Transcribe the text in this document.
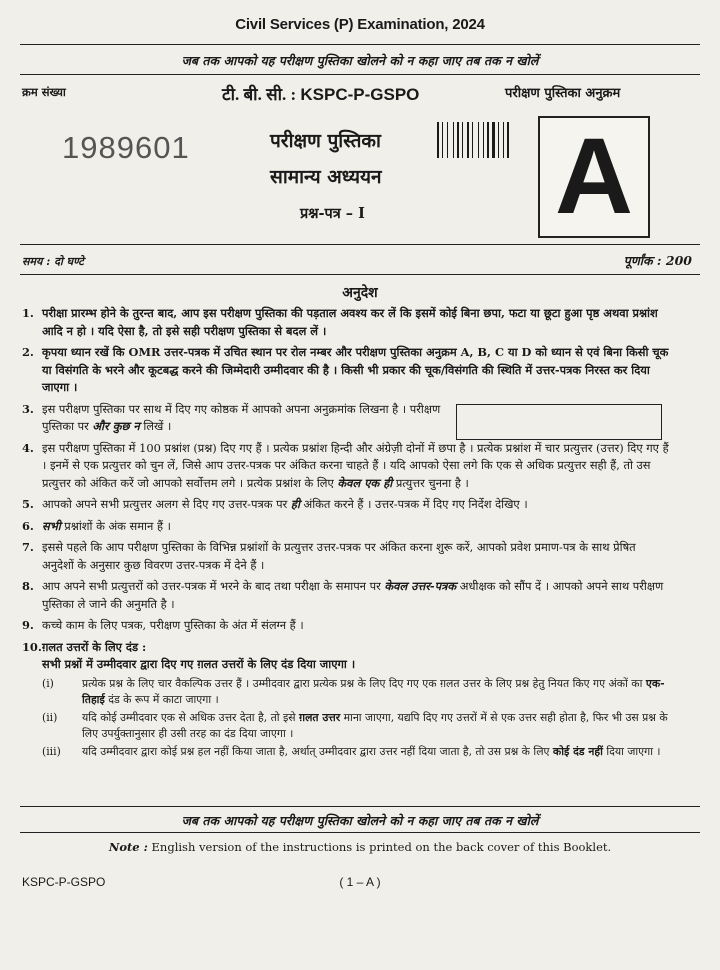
Civil Services (P) Examination, 2024
जब तक आपको यह परीक्षण पुस्तिका खोलने को न कहा जाए तब तक न खोलें
क्रम संख्या	टी. बी. सी. : KSPC-P-GSPO	परीक्षण पुस्तिका अनुक्रम
1989601	परीक्षण पुस्तिका
सामान्य अध्ययन
प्रश्न-पत्र – I A
समय : दो घण्टे	पूर्णांक : 200
अनुदेश
1. परीक्षा प्रारम्भ होने के तुरन्त बाद, आप इस परीक्षण पुस्तिका की पड़ताल अवश्य कर लें कि इसमें कोई बिना छपा, फटा या छूटा हुआ पृष्ठ अथवा प्रश्नांश आदि न हो । यदि ऐसा है, तो इसे सही परीक्षण पुस्तिका से बदल लें ।
2. कृपया ध्यान रखें कि OMR उत्तर-पत्रक में उचित स्थान पर रोल नम्बर और परीक्षण पुस्तिका अनुक्रम A, B, C या D को ध्यान से एवं बिना किसी चूक या विसंगति के भरने और कूटबद्ध करने की जिम्मेदारी उम्मीदवार की है । किसी भी प्रकार की चूक/विसंगति की स्थिति में उत्तर-पत्रक निरस्त कर दिया जाएगा ।
3. इस परीक्षण पुस्तिका पर साथ में दिए गए कोष्ठक में आपको अपना अनुक्रमांक लिखना है । परीक्षण पुस्तिका पर और कुछ न लिखें ।
4. इस परीक्षण पुस्तिका में 100 प्रश्नांश (प्रश्न) दिए गए हैं । प्रत्येक प्रश्नांश हिन्दी और अंग्रेज़ी दोनों में छपा है । प्रत्येक प्रश्नांश में चार प्रत्युत्तर (उत्तर) दिए गए हैं । इनमें से एक प्रत्युत्तर को चुन लें, जिसे आप उत्तर-पत्रक पर अंकित करना चाहते हैं । यदि आपको ऐसा लगे कि एक से अधिक प्रत्युत्तर सही हैं, तो उस प्रत्युत्तर को अंकित करें जो आपको सर्वोत्तम लगे । प्रत्येक प्रश्नांश के लिए केवल एक ही प्रत्युत्तर चुनना है ।
5. आपको अपने सभी प्रत्युत्तर अलग से दिए गए उत्तर-पत्रक पर ही अंकित करने हैं । उत्तर-पत्रक में दिए गए निर्देश देखिए ।
6. सभी प्रश्नांशों के अंक समान हैं ।
7. इससे पहले कि आप परीक्षण पुस्तिका के विभिन्न प्रश्नांशों के प्रत्युत्तर उत्तर-पत्रक पर अंकित करना शुरू करें, आपको प्रवेश प्रमाण-पत्र के साथ प्रेषित अनुदेशों के अनुसार कुछ विवरण उत्तर-पत्रक में देने हैं ।
8. आप अपने सभी प्रत्युत्तरों को उत्तर-पत्रक में भरने के बाद तथा परीक्षा के समापन पर केवल उत्तर-पत्रक अधीक्षक को सौंप दें । आपको अपने साथ परीक्षण पुस्तिका ले जाने की अनुमति है ।
9. कच्चे काम के लिए पत्रक, परीक्षण पुस्तिका के अंत में संलग्न हैं ।
10. ग़लत उत्तरों के लिए दंड :
सभी प्रश्नों में उम्मीदवार द्वारा दिए गए ग़लत उत्तरों के लिए दंड दिया जाएगा ।
(i)	प्रत्येक प्रश्न के लिए चार वैकल्पिक उत्तर हैं । उम्मीदवार द्वारा प्रत्येक प्रश्न के लिए दिए गए एक ग़लत उत्तर के लिए प्रश्न हेतु नियत किए गए अंकों का एक-तिहाई दंड के रूप में काटा जाएगा ।
(ii) यदि कोई उम्मीदवार एक से अधिक उत्तर देता है, तो इसे ग़लत उत्तर माना जाएगा, यद्यपि दिए गए उत्तरों में से एक उत्तर सही होता है, फिर भी उस प्रश्न के लिए उपर्युक्तानुसार ही उसी तरह का दंड दिया जाएगा ।
(iii) यदि उम्मीदवार द्वारा कोई प्रश्न हल नहीं किया जाता है, अर्थात् उम्मीदवार द्वारा उत्तर नहीं दिया जाता है, तो उस प्रश्न के लिए कोई दंड नहीं दिया जाएगा ।
जब तक आपको यह परीक्षण पुस्तिका खोलने को न कहा जाए तब तक न खोलें
Note : English version of the instructions is printed on the back cover of this Booklet.
KSPC-P-GSPO	( 1 – A )
